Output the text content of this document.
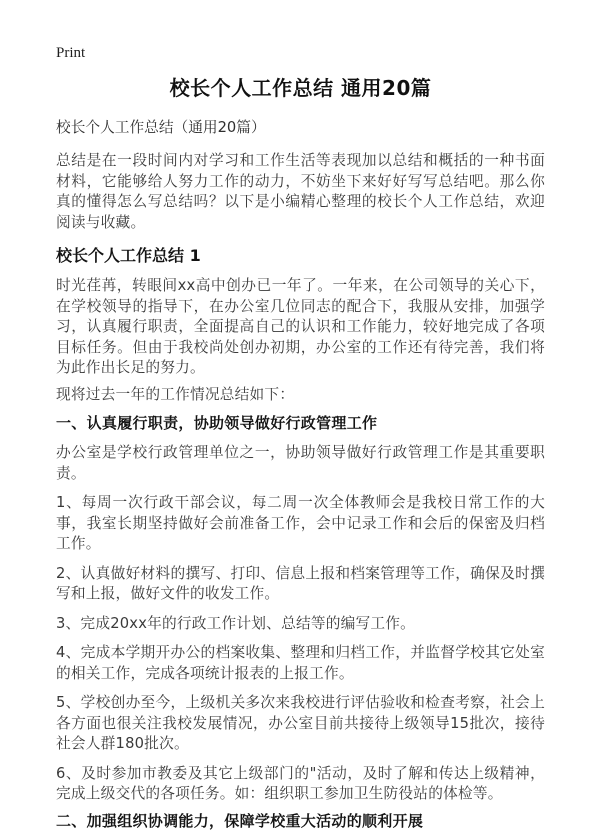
Print
校长个人工作总结 通用20篇
校长个人工作总结（通用20篇）

总结是在一段时间内对学习和工作生活等表现加以总结和概括的一种书面材料，它能够给人努力工作的动力，不妨坐下来好好写写总结吧。那么你真的懂得怎么写总结吗？以下是小编精心整理的校长个人工作总结，欢迎阅读与收藏。

校长个人工作总结 1

时光荏苒，转眼间xx高中创办已一年了。一年来，在公司领导的关心下，在学校领导的指导下，在办公室几位同志的配合下，我服从安排，加强学习，认真履行职责，全面提高自己的认识和工作能力，较好地完成了各项目标任务。但由于我校尚处创办初期，办公室的工作还有待完善，我们将为此作出长足的努力。

现将过去一年的工作情况总结如下：

一、认真履行职责，协助领导做好行政管理工作

办公室是学校行政管理单位之一，协助领导做好行政管理工作是其重要职责。

1、每周一次行政干部会议，每二周一次全体教师会是我校日常工作的大事，我室长期坚持做好会前准备工作，会中记录工作和会后的保密及归档工作。

2、认真做好材料的撰写、打印、信息上报和档案管理等工作，确保及时撰写和上报，做好文件的收发工作。

3、完成20xx年的行政工作计划、总结等的编写工作。

4、完成本学期开办公的档案收集、整理和归档工作，并监督学校其它处室的相关工作，完成各项统计报表的上报工作。

5、学校创办至今，上级机关多次来我校进行评估验收和检查考察，社会上各方面也很关注我校发展情况，办公室目前共接待上级领导15批次，接待社会人群180批次。

6、及时参加市教委及其它上级部门的"活动，及时了解和传达上级精神，完成上级交代的各项任务。如：组织职工参加卫生防役站的体检等。

二、加强组织协调能力，保障学校重大活动的顺利开展
